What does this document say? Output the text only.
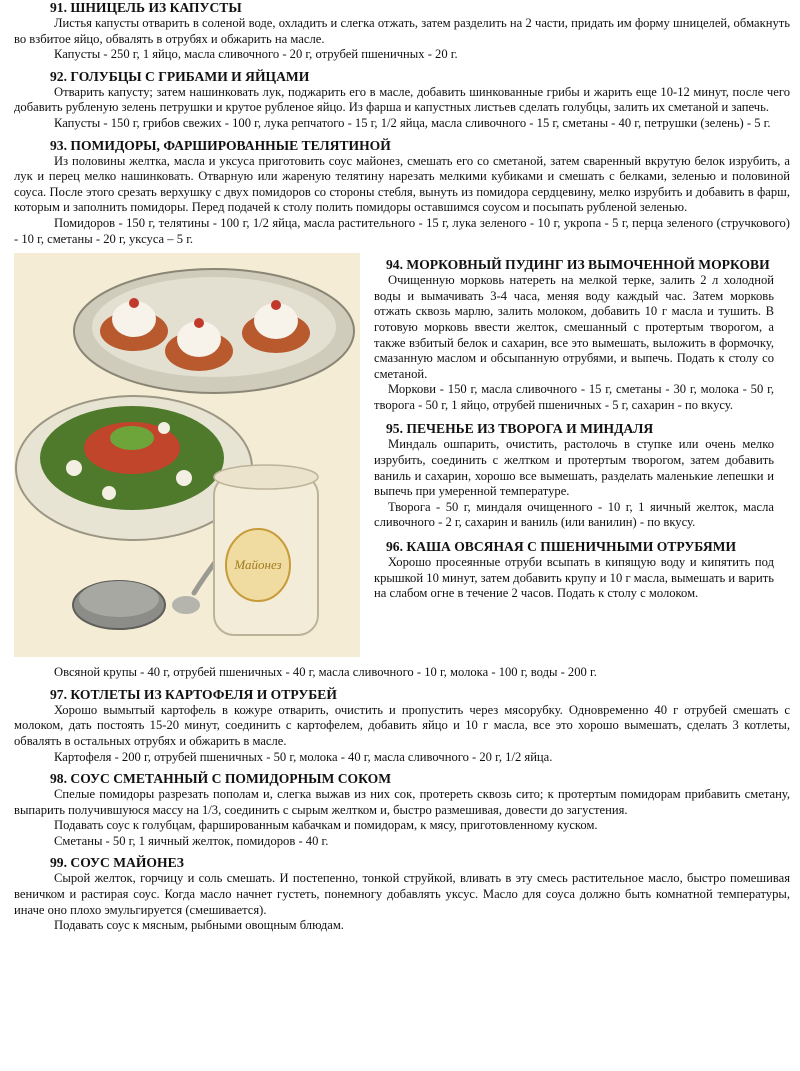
91. ШНИЦЕЛЬ ИЗ КАПУСТЫ

Листья капусты отварить в соленой воде, охладить и слегка отжать, затем разделить на 2 части, придать им форму шницелей, обмакнуть во взбитое яйцо, обвалять в отрубях и обжарить на масле.

Капусты - 250 г, 1 яйцо, масла сливочного - 20 г, отрубей пшеничных - 20 г.

92. ГОЛУБЦЫ С ГРИБАМИ И ЯЙЦАМИ

Отварить капусту; затем нашинковать лук, поджарить его в масле, добавить шинкованные грибы и жарить еще 10-12 минут, после чего добавить рубленую зелень петрушки и крутое рубленое яйцо. Из фарша и капустных листьев сделать голубцы, залить их сметаной и запечь.

Капусты - 150 г, грибов свежих - 100 г, лука репчатого - 15 г, 1/2 яйца, масла сливочного - 15 г, сметаны - 40 г, петрушки (зелень) - 5 г.

93. ПОМИДОРЫ, ФАРШИРОВАННЫЕ ТЕЛЯТИНОЙ

Из половины желтка, масла и уксуса приготовить соус майонез, смешать его со сметаной, затем сваренный вкрутую белок изрубить, а лук и перец мелко нашинковать. Отварную или жареную телятину нарезать мелкими кубиками и смешать с белками, зеленью и половиной соуса. После этого срезать верхушку с двух помидоров со стороны стебля, вынуть из помидора сердцевину, мелко изрубить и добавить в фарш, которым и заполнить помидоры. Перед подачей к столу полить помидоры оставшимся соусом и посыпать рубленой зеленью.

Помидоров - 150 г, телятины - 100 г, 1/2 яйца, масла растительного - 15 г, лука зеленого - 10 г, укропа - 5 г, перца зеленого (стручкового) - 10 г, сметаны - 20 г, уксуса – 5 г.

Майонез
94. МОРКОВНЫЙ ПУДИНГ ИЗ ВЫМОЧЕННОЙ МОРКОВИ

Очищенную морковь натереть на мелкой терке, залить 2 л холодной воды и вымачивать 3-4 часа, меняя воду каждый час. Затем морковь отжать сквозь марлю, залить молоком, добавить 10 г масла и тушить. В готовую морковь ввести желток, смешанный с протертым творогом, а также взбитый белок и сахарин, все это вымешать, выложить в формочку, смазанную маслом и обсыпанную отрубями, и выпечь. Подать к столу со сметаной.

Моркови - 150 г, масла сливочного - 15 г, сметаны - 30 г, молока - 50 г, творога - 50 г, 1 яйцо, отрубей пшеничных - 5 г, сахарин - по вкусу.

95. ПЕЧЕНЬЕ ИЗ ТВОРОГА И МИНДАЛЯ

Миндаль ошпарить, очистить, растолочь в ступке или очень мелко изрубить, соединить с желтком и протертым творогом, затем добавить ваниль и сахарин, хорошо все вымешать, разделать маленькие лепешки и выпечь при умеренной температуре.

Творога - 50 г, миндаля очищенного - 10 г, 1 яичный желток, масла сливочного - 2 г, сахарин и ваниль (или ванилин) - по вкусу.

96. КАША ОВСЯНАЯ С ПШЕНИЧНЫМИ ОТРУБЯМИ

Хорошо просеянные отруби всыпать в кипящую воду и кипятить под крышкой 10 минут, затем добавить крупу и 10 г масла, вымешать и варить на слабом огне в течение 2 часов. Подать к столу с молоком.

Овсяной крупы - 40 г, отрубей пшеничных - 40 г, масла сливочного - 10 г, молока - 100 г, воды - 200 г.

97. КОТЛЕТЫ ИЗ КАРТОФЕЛЯ И ОТРУБЕЙ

Хорошо вымытый картофель в кожуре отварить, очистить и пропустить через мясорубку. Одновременно 40 г отрубей смешать с молоком, дать постоять 15-20 минут, соединить с картофелем, добавить яйцо и 10 г масла, все это хорошо вымешать, сделать 3 котлеты, обвалять в остальных отрубях и обжарить в масле.

Картофеля - 200 г, отрубей пшеничных - 50 г, молока - 40 г, масла сливочного - 20 г, 1/2 яйца.

98. СОУС СМЕТАННЫЙ С ПОМИДОРНЫМ СОКОМ

Спелые помидоры разрезать пополам и, слегка выжав из них сок, протереть сквозь сито; к протертым помидорам прибавить сметану, выпарить получившуюся массу на 1/3, соединить с сырым желтком и, быстро размешивая, довести до загустения.

Подавать соус к голубцам, фаршированным кабачкам и помидорам, к мясу, приготовленному куском.

Сметаны - 50 г, 1 яичный желток, помидоров - 40 г.

99. СОУС МАЙОНЕЗ

Сырой желток, горчицу и соль смешать. И постепенно, тонкой струйкой, вливать в эту смесь растительное масло, быстро помешивая веничком и растирая соус. Когда масло начнет густеть, понемногу добавлять уксус. Масло для соуса должно быть комнатной температуры, иначе оно плохо эмульгируется (смешивается).

Подавать соус к мясным, рыбными овощным блюдам.
